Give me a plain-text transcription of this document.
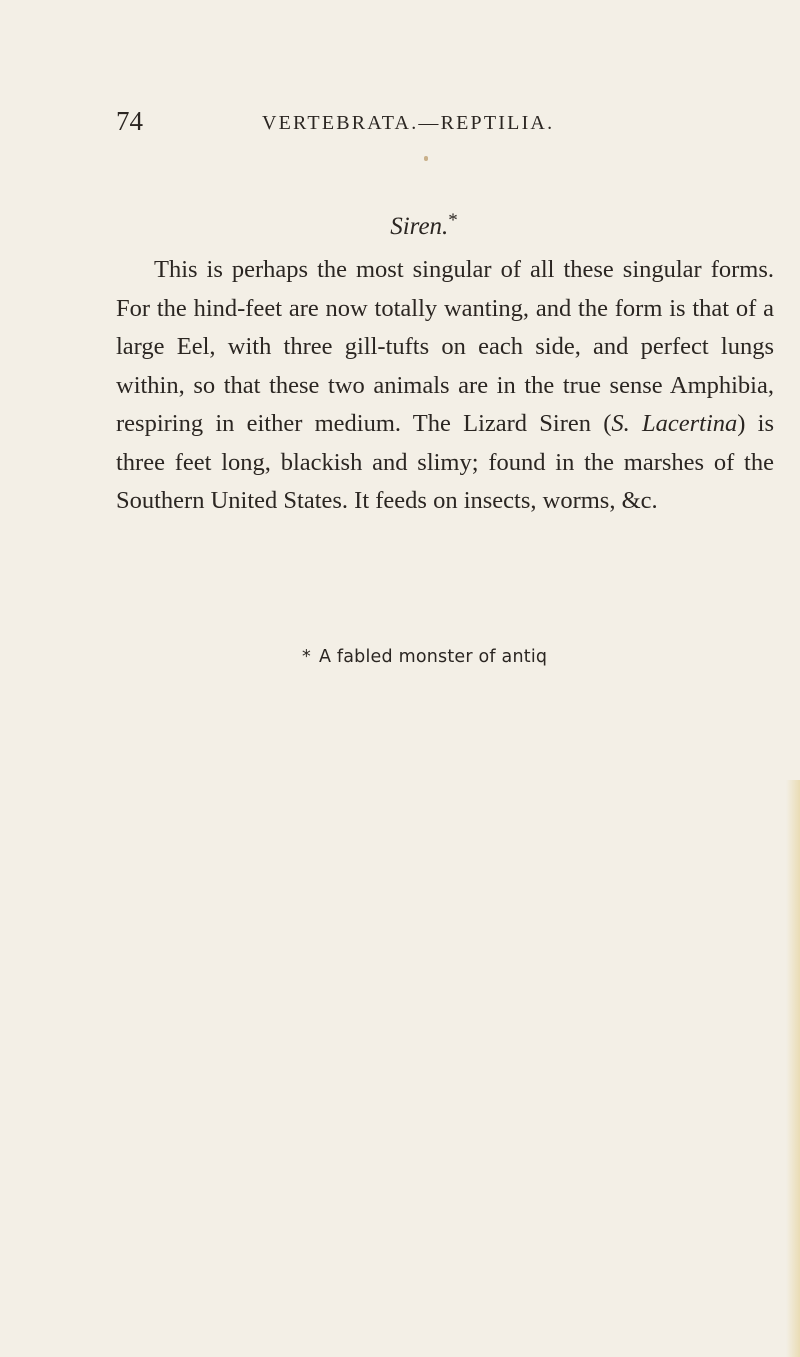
74	VERTEBRATA.—REPTILIA.
Siren.*

This is perhaps the most singular of all these singular forms. For the hind-feet are now totally wanting, and the form is that of a large Eel, with three gill-tufts on each side, and perfect lungs within, so that these two animals are in the true sense Amphibia, respiring in either medium. The Lizard Siren (S. Lacertina) is three feet long, blackish and slimy; found in the marshes of the Southern United States. It feeds on insects, worms, &c.

* A fabled monster of antiq
